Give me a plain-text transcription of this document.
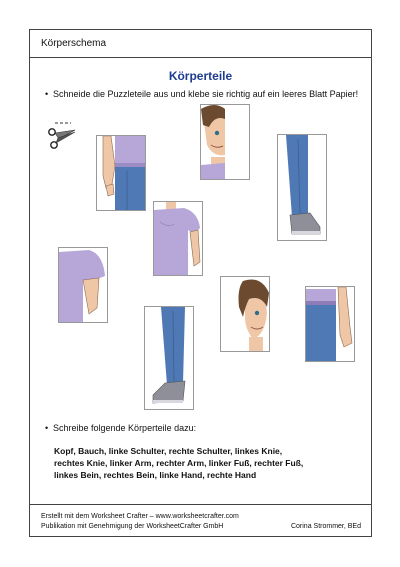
Körperschema
Körperteile
• Schneide die Puzzleteile aus und klebe sie richtig auf ein leeres Blatt Papier!
• Schreibe folgende Körperteile dazu:
Kopf, Bauch, linke Schulter, rechte Schulter, linkes Knie,
rechtes Knie, linker Arm, rechter Arm, linker Fuß, rechter Fuß,
linkes Bein, rechtes Bein, linke Hand, rechte Hand
Erstellt mit dem Worksheet Crafter – www.worksheetcrafter.com
Publikation mit Genehmigung der WorksheetCrafter GmbH	Corina Strommer, BEd
